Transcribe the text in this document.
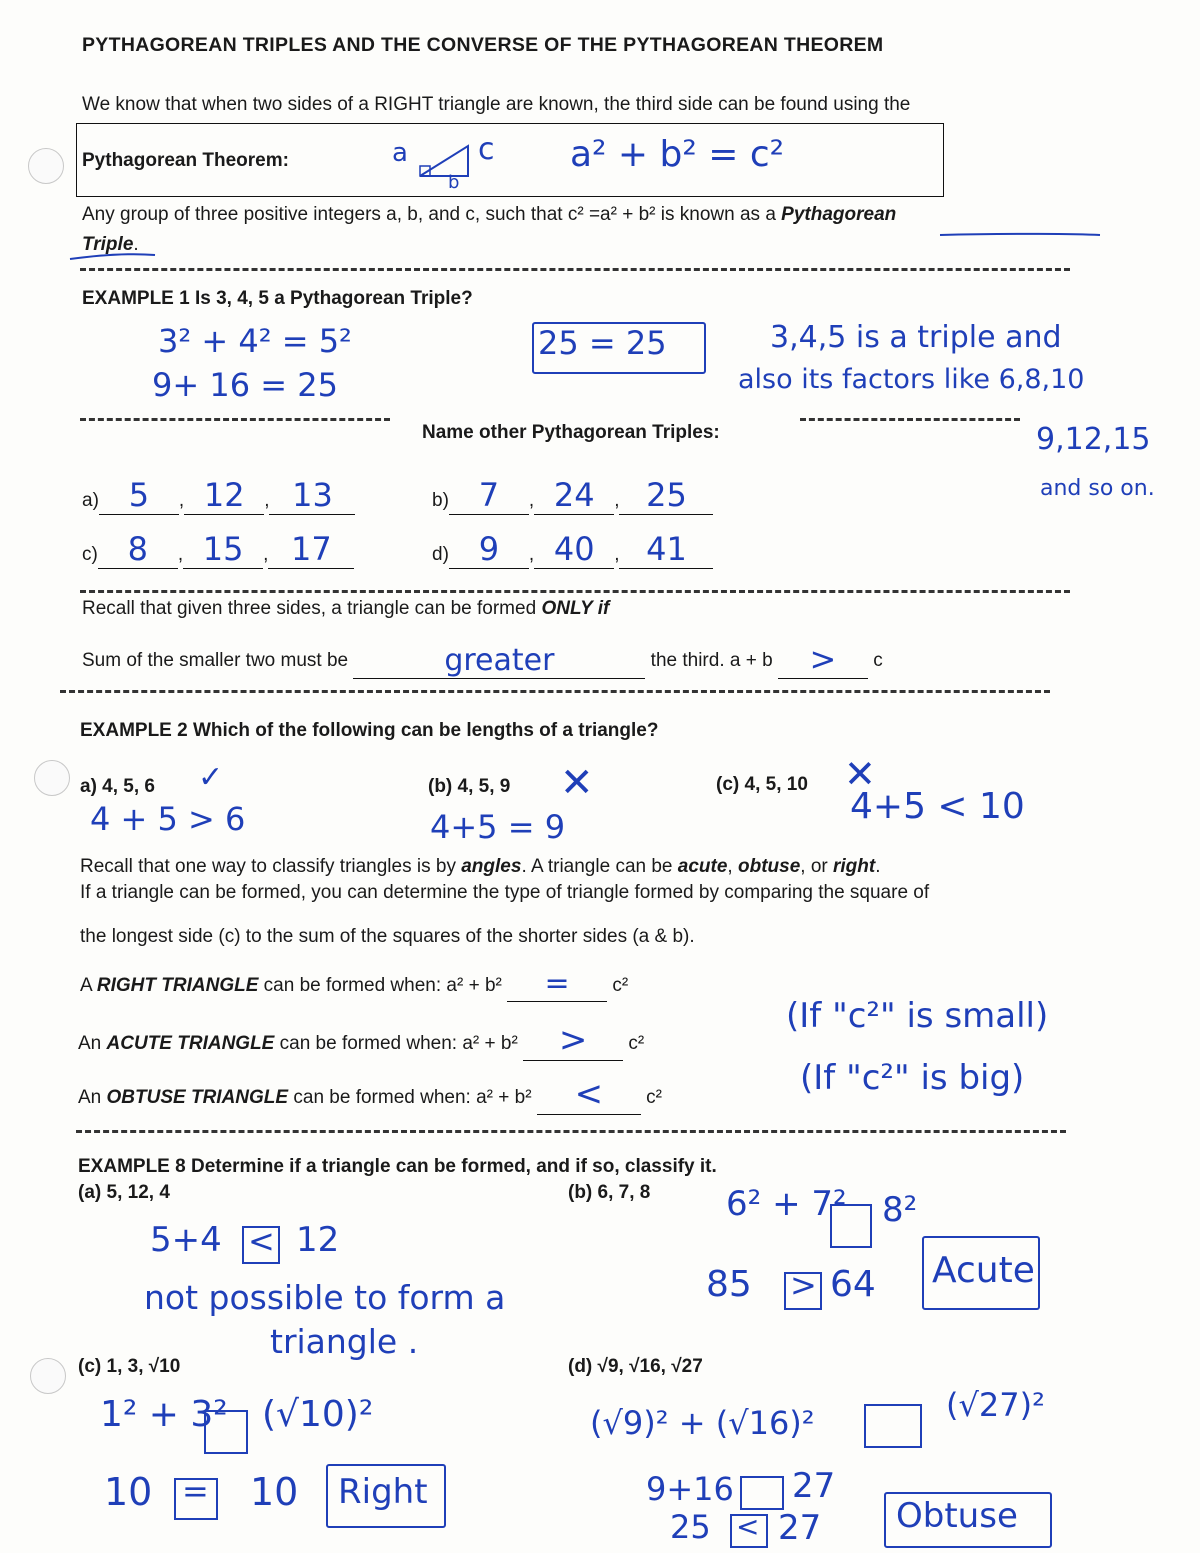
PYTHAGOREAN TRIPLES AND THE CONVERSE OF THE PYTHAGOREAN THEOREM
We know that when two sides of a RIGHT triangle are known, the third side can be found using the
Pythagorean Theorem:	a
b
c a² + b² = c²
Any group of three positive integers a, b, and c, such that c² =a² + b² is known as a Pythagorean
Triple.
EXAMPLE 1 Is 3, 4, 5 a Pythagorean Triple?
3² + 4² = 5²
9+ 16 = 25
25 = 25	3,4,5 is a triple and
also its factors like 6,8,10
9,12,15
and so on.
Name other Pythagorean Triples:
a) 5 , 12 , 13	b) 7 , 24 , 25
c) 8 , 15 , 17	d) 9 , 40 , 41
Recall that given three sides, a triangle can be formed ONLY if
Sum of the smaller two must be	greater	the third. a + b > c
EXAMPLE 2 Which of the following can be lengths of a triangle?
a) 4, 5, 6 ✓
4 + 5 > 6
(b) 4, 5, 9 ✕
4+5 = 9
(c) 4, 5, 10 ✕
4+5 < 10
Recall that one way to classify triangles is by angles. A triangle can be acute, obtuse, or right.
If a triangle can be formed, you can determine the type of triangle formed by comparing the square of
the longest side (c) to the sum of the squares of the shorter sides (a & b).
A RIGHT TRIANGLE can be formed when: a² + b² = c²
An ACUTE TRIANGLE can be formed when: a² + b² > c²
(If "c²" is small)
An OBTUSE TRIANGLE can be formed when: a² + b² < c²	(If "c²" is big)
EXAMPLE 8 Determine if a triangle can be formed, and if so, classify it.
(a) 5, 12, 4	(b) 6, 7, 8
5+4 < 12
not possible to form a
triangle .
6² + 7² 8²
85 > 64 Acute
(c) 1, 3, √10
1² + 3² (√10)²
10 = 10 Right
(d) √9, √16, √27
(√9)² + (√16)²	(√27)²
9+16 27
25 < 27 Obtuse
